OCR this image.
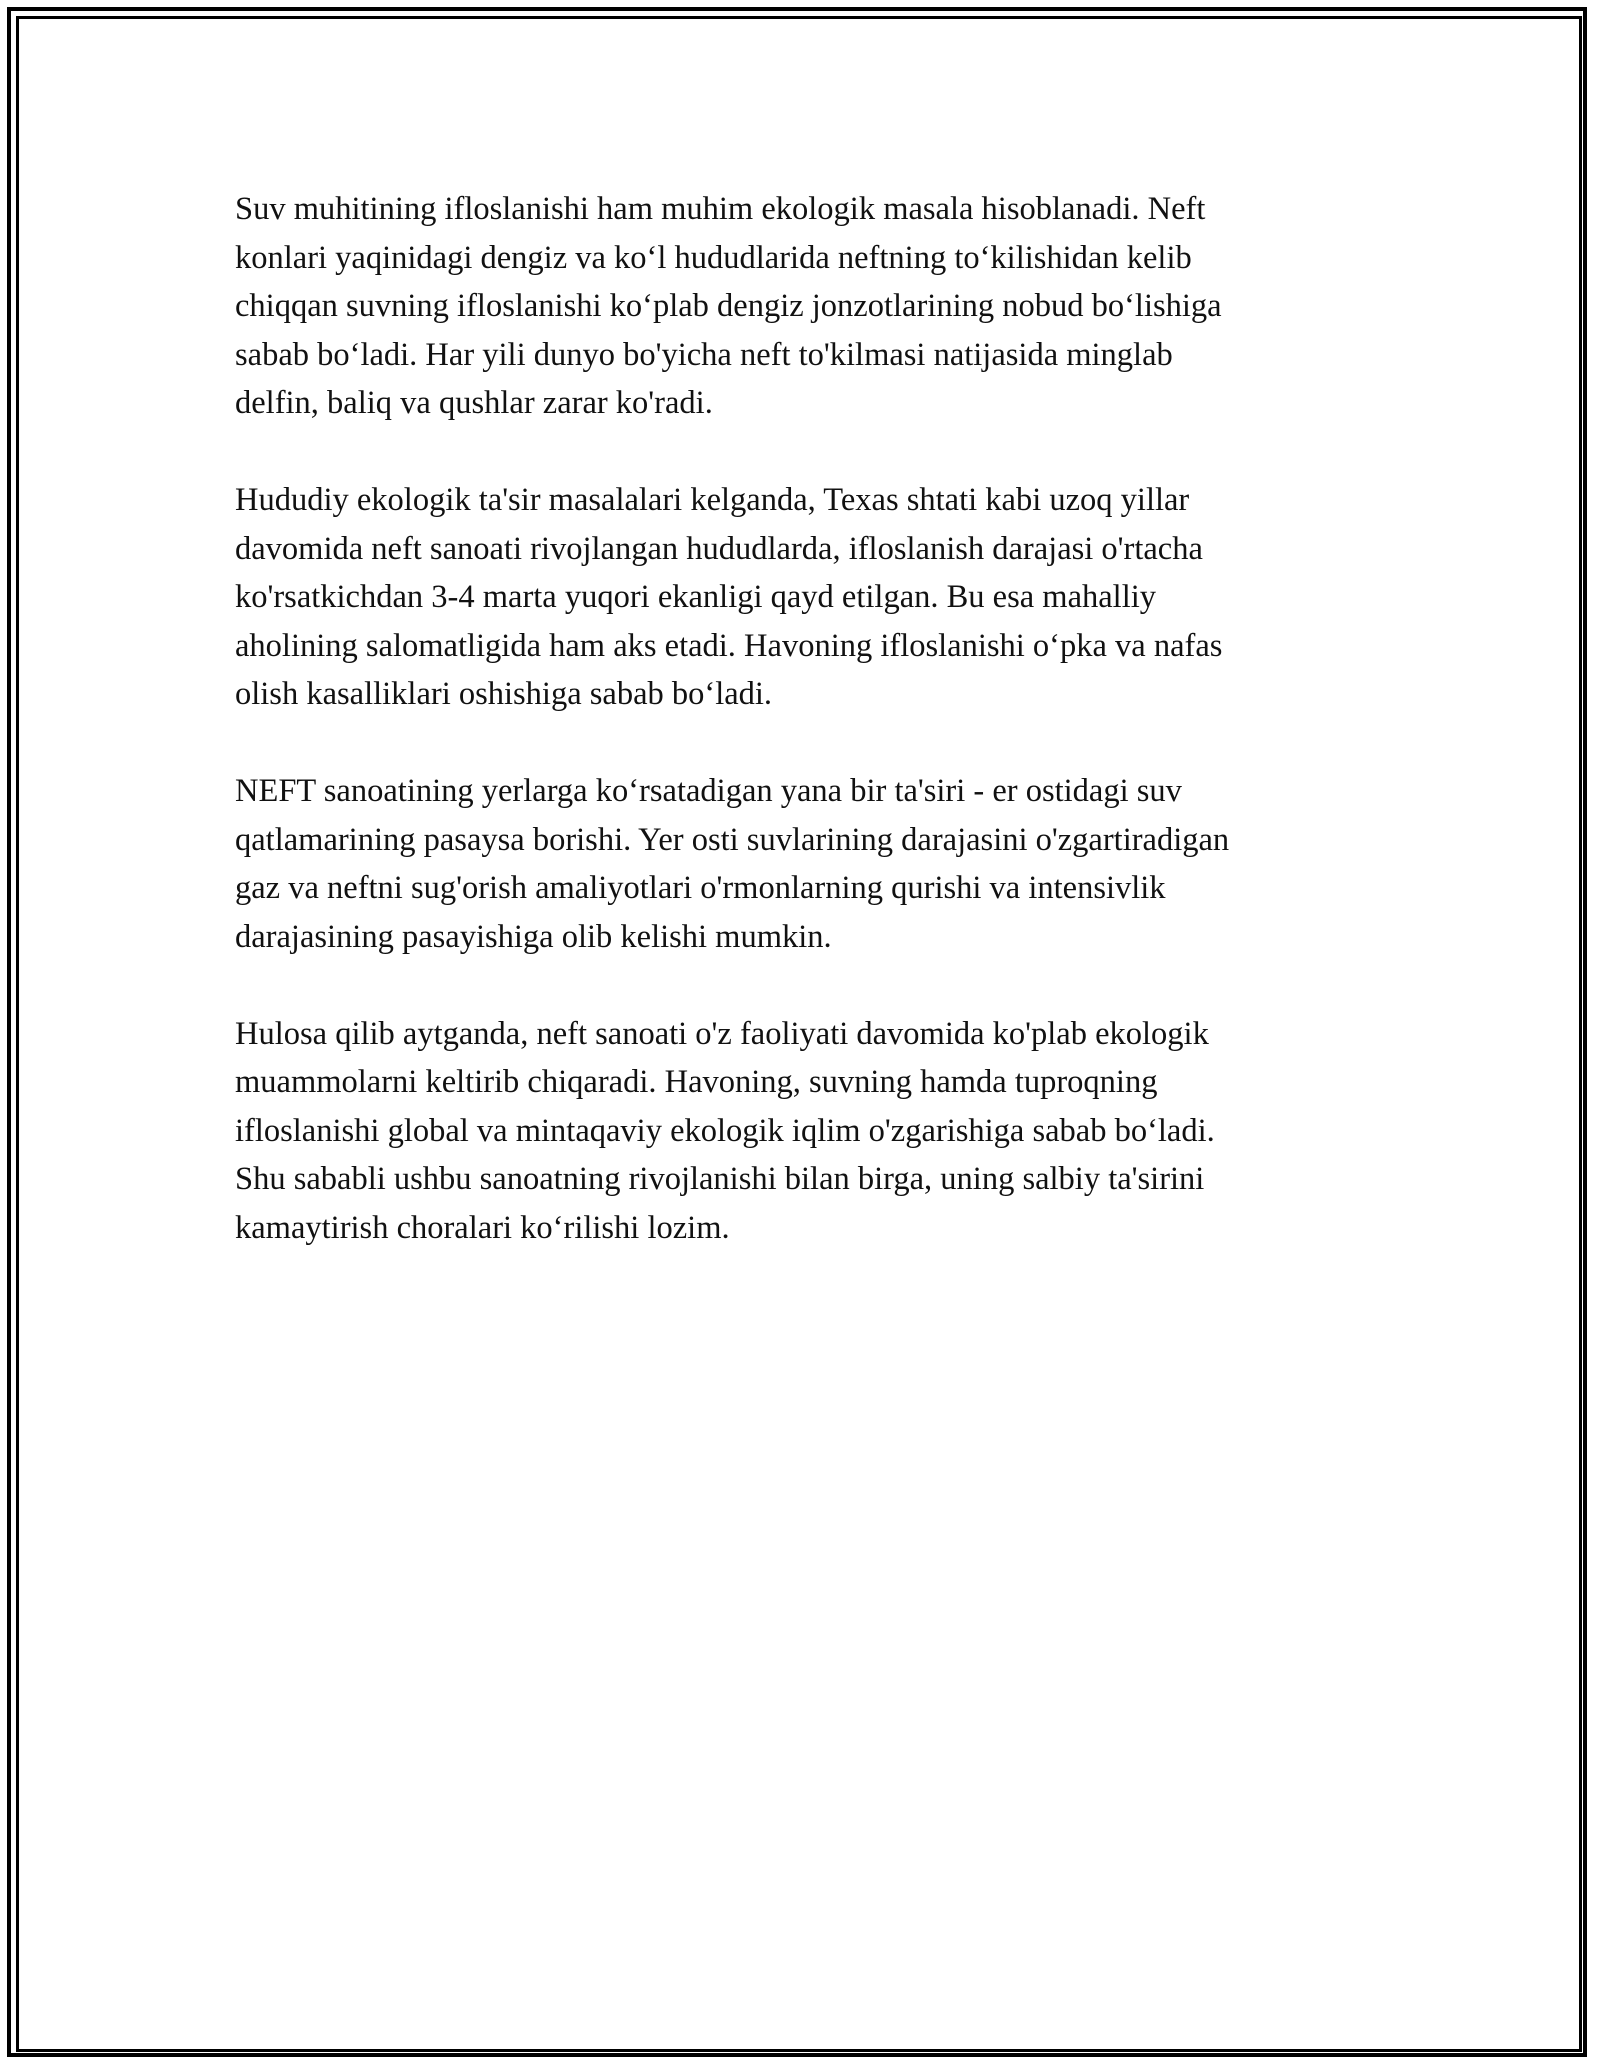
Suv muhitining ifloslanishi ham muhim ekologik masala hisoblanadi. Neft
konlari yaqinidagi dengiz va ko‘l hududlarida neftning to‘kilishidan kelib
chiqqan suvning ifloslanishi ko‘plab dengiz jonzotlarining nobud bo‘lishiga
sabab bo‘ladi. Har yili dunyo bo'yicha neft to'kilmasi natijasida minglab
delfin, baliq va qushlar zarar ko'radi.

Hududiy ekologik ta'sir masalalari kelganda, Texas shtati kabi uzoq yillar
davomida neft sanoati rivojlangan hududlarda, ifloslanish darajasi o'rtacha
ko'rsatkichdan 3-4 marta yuqori ekanligi qayd etilgan. Bu esa mahalliy
aholining salomatligida ham aks etadi. Havoning ifloslanishi o‘pka va nafas
olish kasalliklari oshishiga sabab bo‘ladi.

NEFT sanoatining yerlarga ko‘rsatadigan yana bir ta'siri - er ostidagi suv
qatlamarining pasaysa borishi. Yer osti suvlarining darajasini o'zgartiradigan
gaz va neftni sug'orish amaliyotlari o'rmonlarning qurishi va intensivlik
darajasining pasayishiga olib kelishi mumkin.

Hulosa qilib aytganda, neft sanoati o'z faoliyati davomida ko'plab ekologik
muammolarni keltirib chiqaradi. Havoning, suvning hamda tuproqning
ifloslanishi global va mintaqaviy ekologik iqlim o'zgarishiga sabab bo‘ladi.
Shu sababli ushbu sanoatning rivojlanishi bilan birga, uning salbiy ta'sirini
kamaytirish choralari ko‘rilishi lozim.
